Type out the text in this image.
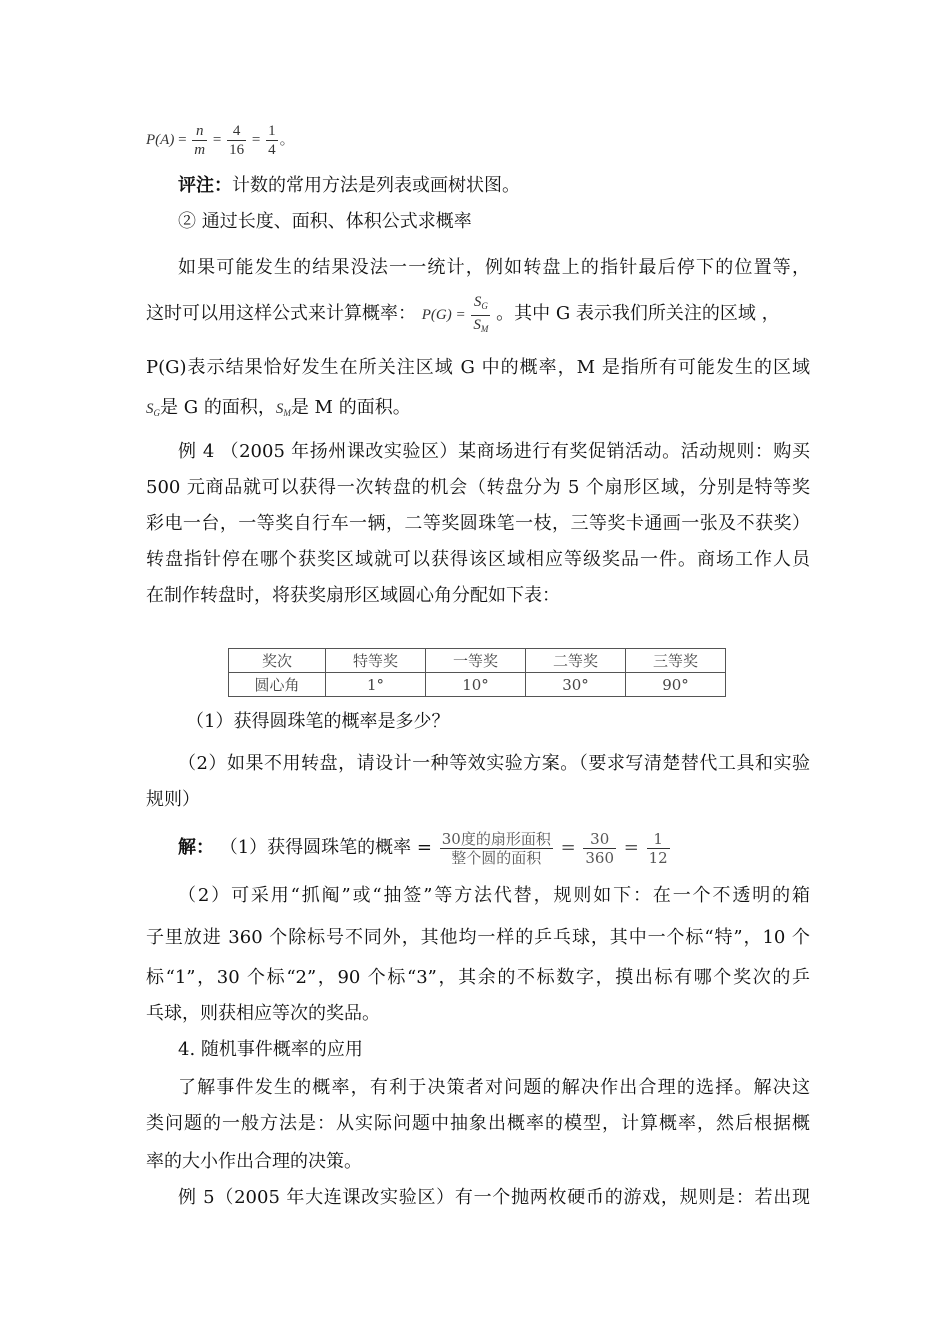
$P(A) = \frac{n}{m} = \frac{4}{16} = \frac{1}{4}$ 。
评注：计数的常用方法是列表或画树状图。
② 通过长度、面积、体积公式求概率
如果可能发生的结果没法一一统计，例如转盘上的指针最后停下的位置等，
这时可以用这样公式来计算概率： $P(G) = \frac{S_G}{S_M}$ 。其中 G 表示我们所关注的区域 ，
P(G)表示结果恰好发生在所关注区域 G 中的概率，M 是指所有可能发生的区域
$S_G$是 G 的面积，$S_M$是 M 的面积。
例 4 （2005 年扬州课改实验区）某商场进行有奖促销活动。活动规则：购买
500 元商品就可以获得一次转盘的机会（转盘分为 5 个扇形区域，分别是特等奖
彩电一台，一等奖自行车一辆，二等奖圆珠笔一枝，三等奖卡通画一张及不获奖）
转盘指针停在哪个获奖区域就可以获得该区域相应等级奖品一件。商场工作人员
在制作转盘时，将获奖扇形区域圆心角分配如下表：
奖次	特等奖	一等奖	二等奖	三等奖
圆心角	1°	10°	30°	90°
（1）获得圆珠笔的概率是多少？
（2）如果不用转盘，请设计一种等效实验方案。（要求写清楚替代工具和实验
规则）
解： （1）获得圆珠笔的概率 = $\frac{\text{30度的扇形面积}}{\text{整个圆的面积}} = \frac{30}{360} = \frac{1}{12}$
（2）可采用“抓阄”或“抽签”等方法代替，规则如下：在一个不透明的箱
子里放进 360 个除标号不同外，其他均一样的乒乓球，其中一个标“特”，10 个
标“1”，30 个标“2”，90 个标“3”，其余的不标数字，摸出标有哪个奖次的乒
乓球，则获相应等次的奖品。
4. 随机事件概率的应用
了解事件发生的概率，有利于决策者对问题的解决作出合理的选择。解决这
类问题的一般方法是：从实际问题中抽象出概率的模型，计算概率，然后根据概
率的大小作出合理的决策。
例 5（2005 年大连课改实验区）有一个抛两枚硬币的游戏，规则是：若出现
